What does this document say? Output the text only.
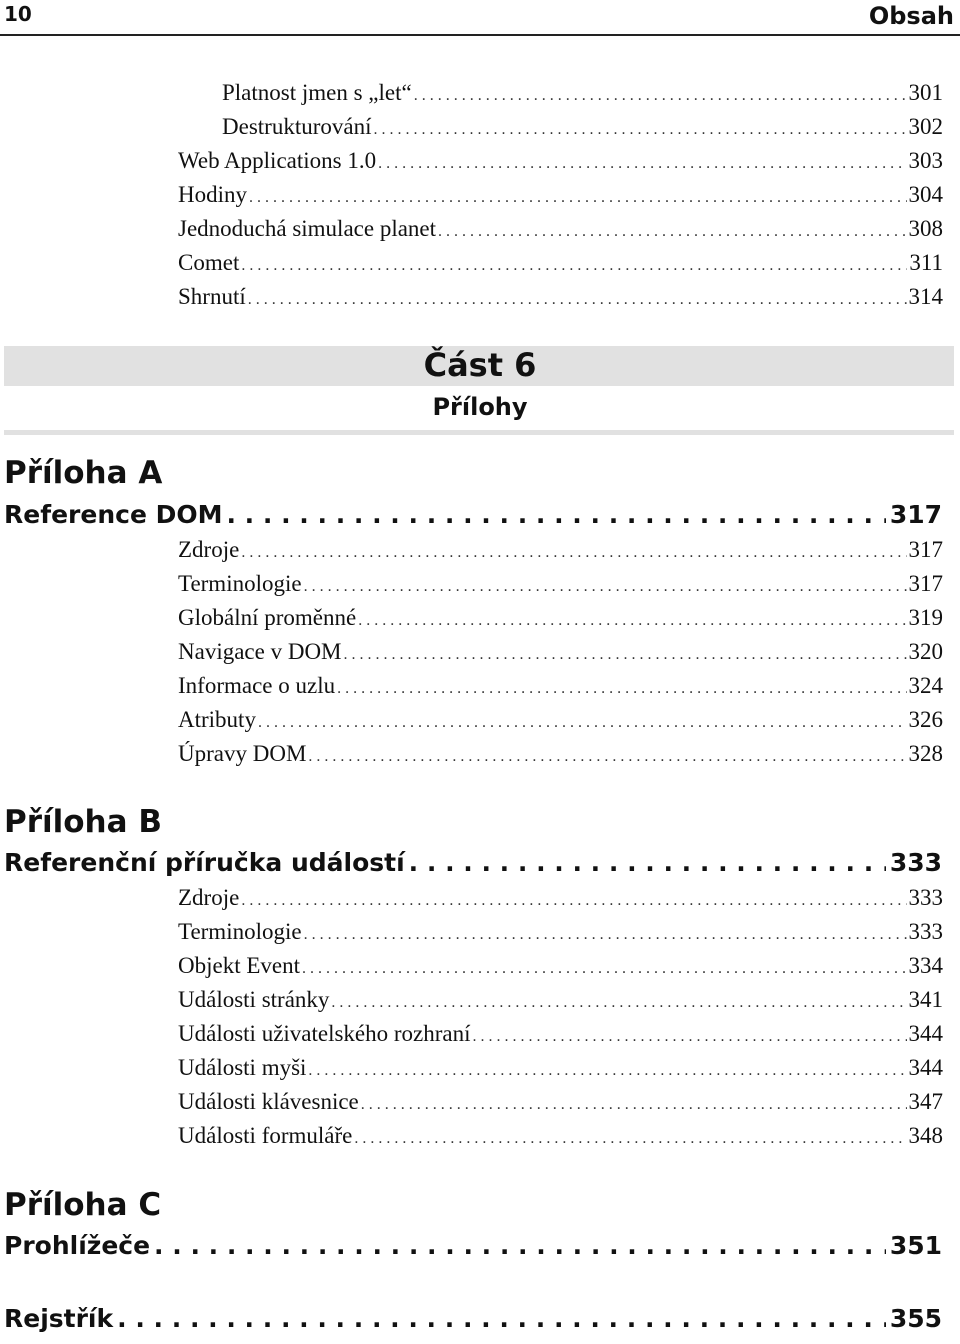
10	Obsah
Platnost jmen s „let“ . . .	301
Destrukturování . . .	302
Web Applications 1.0 . . .	303
Hodiny . . .	304
Jednoduchá simulace planet . . .	308
Comet . . .	311
Shrnutí . . .	314
Část 6
Přílohy
Příloha A
Reference DOM . . .	317
Zdroje . . .	317
Terminologie . . .	317
Globální proměnné . . .	319
Navigace v DOM . . .	320
Informace o uzlu . . .	324
Atributy . . .	326
Úpravy DOM . . .	328
Příloha B
Referenční příručka událostí . . .	333
Zdroje . . .	333
Terminologie . . .	333
Objekt Event . . .	334
Události stránky . . .	341
Události uživatelského rozhraní . . .	344
Události myši . . .	344
Události klávesnice . . .	347
Události formuláře . . .	348
Příloha C
Prohlížeče . . .	351
Rejstřík . . .	355
